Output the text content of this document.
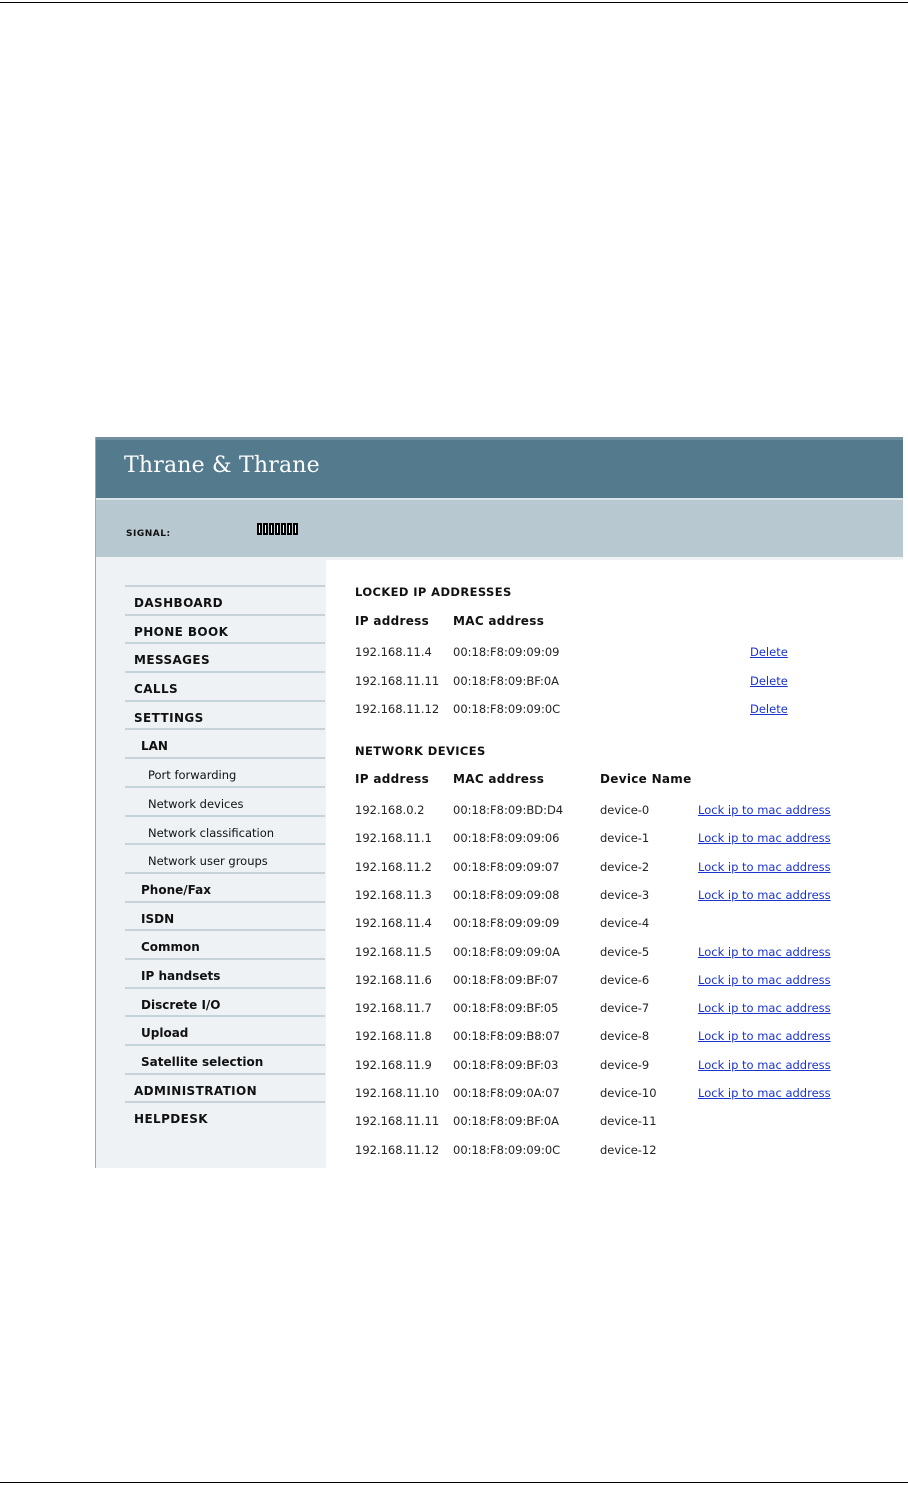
Thrane & Thrane
SIGNAL:
DASHBOARD
PHONE BOOK
MESSAGES
CALLS
SETTINGS
LAN
Port forwarding
Network devices
Network classification
Network user groups
Phone/Fax
ISDN
Common
IP handsets
Discrete I/O
Upload
Satellite selection
ADMINISTRATION
HELPDESK
LOCKED IP ADDRESSES
IP address MAC address
192.168.11.4 00:18:F8:09:09:09	Delete
192.168.11.11 00:18:F8:09:BF:0A	Delete
192.168.11.12 00:18:F8:09:09:0C	Delete
NETWORK DEVICES
IP address MAC address	Device Name
192.168.0.2 00:18:F8:09:BD:D4	device-0	Lock ip to mac address
192.168.11.1 00:18:F8:09:09:06	device-1	Lock ip to mac address
192.168.11.2 00:18:F8:09:09:07	device-2	Lock ip to mac address
192.168.11.3 00:18:F8:09:09:08	device-3	Lock ip to mac address
192.168.11.4 00:18:F8:09:09:09	device-4
192.168.11.5 00:18:F8:09:09:0A	device-5	Lock ip to mac address
192.168.11.6 00:18:F8:09:BF:07	device-6	Lock ip to mac address
192.168.11.7 00:18:F8:09:BF:05	device-7	Lock ip to mac address
192.168.11.8 00:18:F8:09:B8:07	device-8	Lock ip to mac address
192.168.11.9 00:18:F8:09:BF:03	device-9	Lock ip to mac address
192.168.11.10 00:18:F8:09:0A:07	device-10	Lock ip to mac address
192.168.11.11 00:18:F8:09:BF:0A	device-11
192.168.11.12 00:18:F8:09:09:0C	device-12
